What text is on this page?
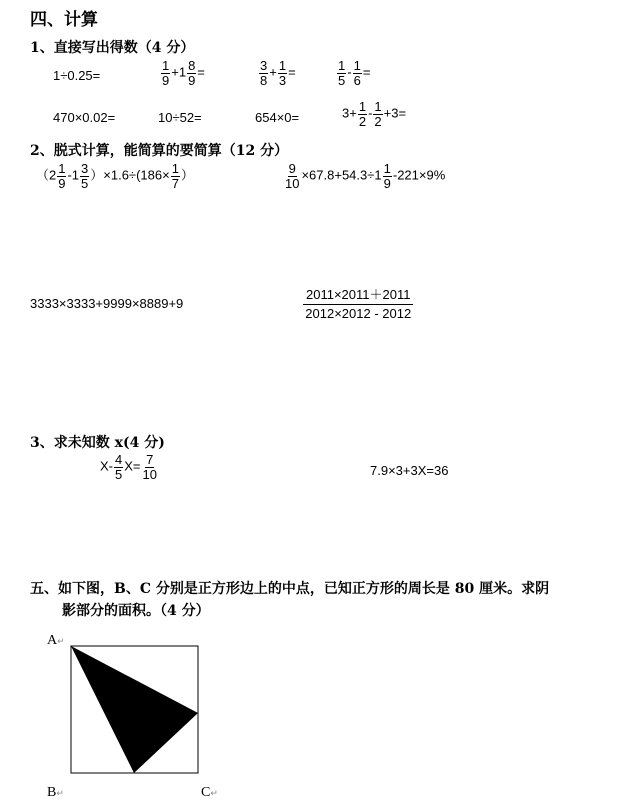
四、计算
1、直接写出得数（4 分）
1÷0.25=	$\frac{1}{9} +1 \frac{8}{9}$ =	$\frac{3}{8} + \frac{1}{3}$ =	$\frac{1}{5} - \frac{1}{6}$ =
470×0.02=	10÷52=	654×0=	$3+ \frac{1}{2} - \frac{1}{2} +3=$
2、脱式计算，能简算的要简算（12 分）
$(2 \frac{1}{9} -1 \frac{3}{5} )\times 1.6\div(186\times \frac{1}{7}$ ）	$\frac{9}{10} \times 67.8+54.3\div 1 \frac{1}{9} -221\times 9\%$
3333×3333+9999×8889+9	$\frac{2011\times 2011+2011}{2012\times 2012 - 2012}$
3、求未知数 x(4 分)
$X- \frac{4}{5} X= \frac{7}{10}$	7.9×3+3X=36
五、如下图，B、C 分别是正方形边上的中点，已知正方形的周长是 80 厘米。求阴
影部分的面积。（4 分）
A↵
B↵	C↵
